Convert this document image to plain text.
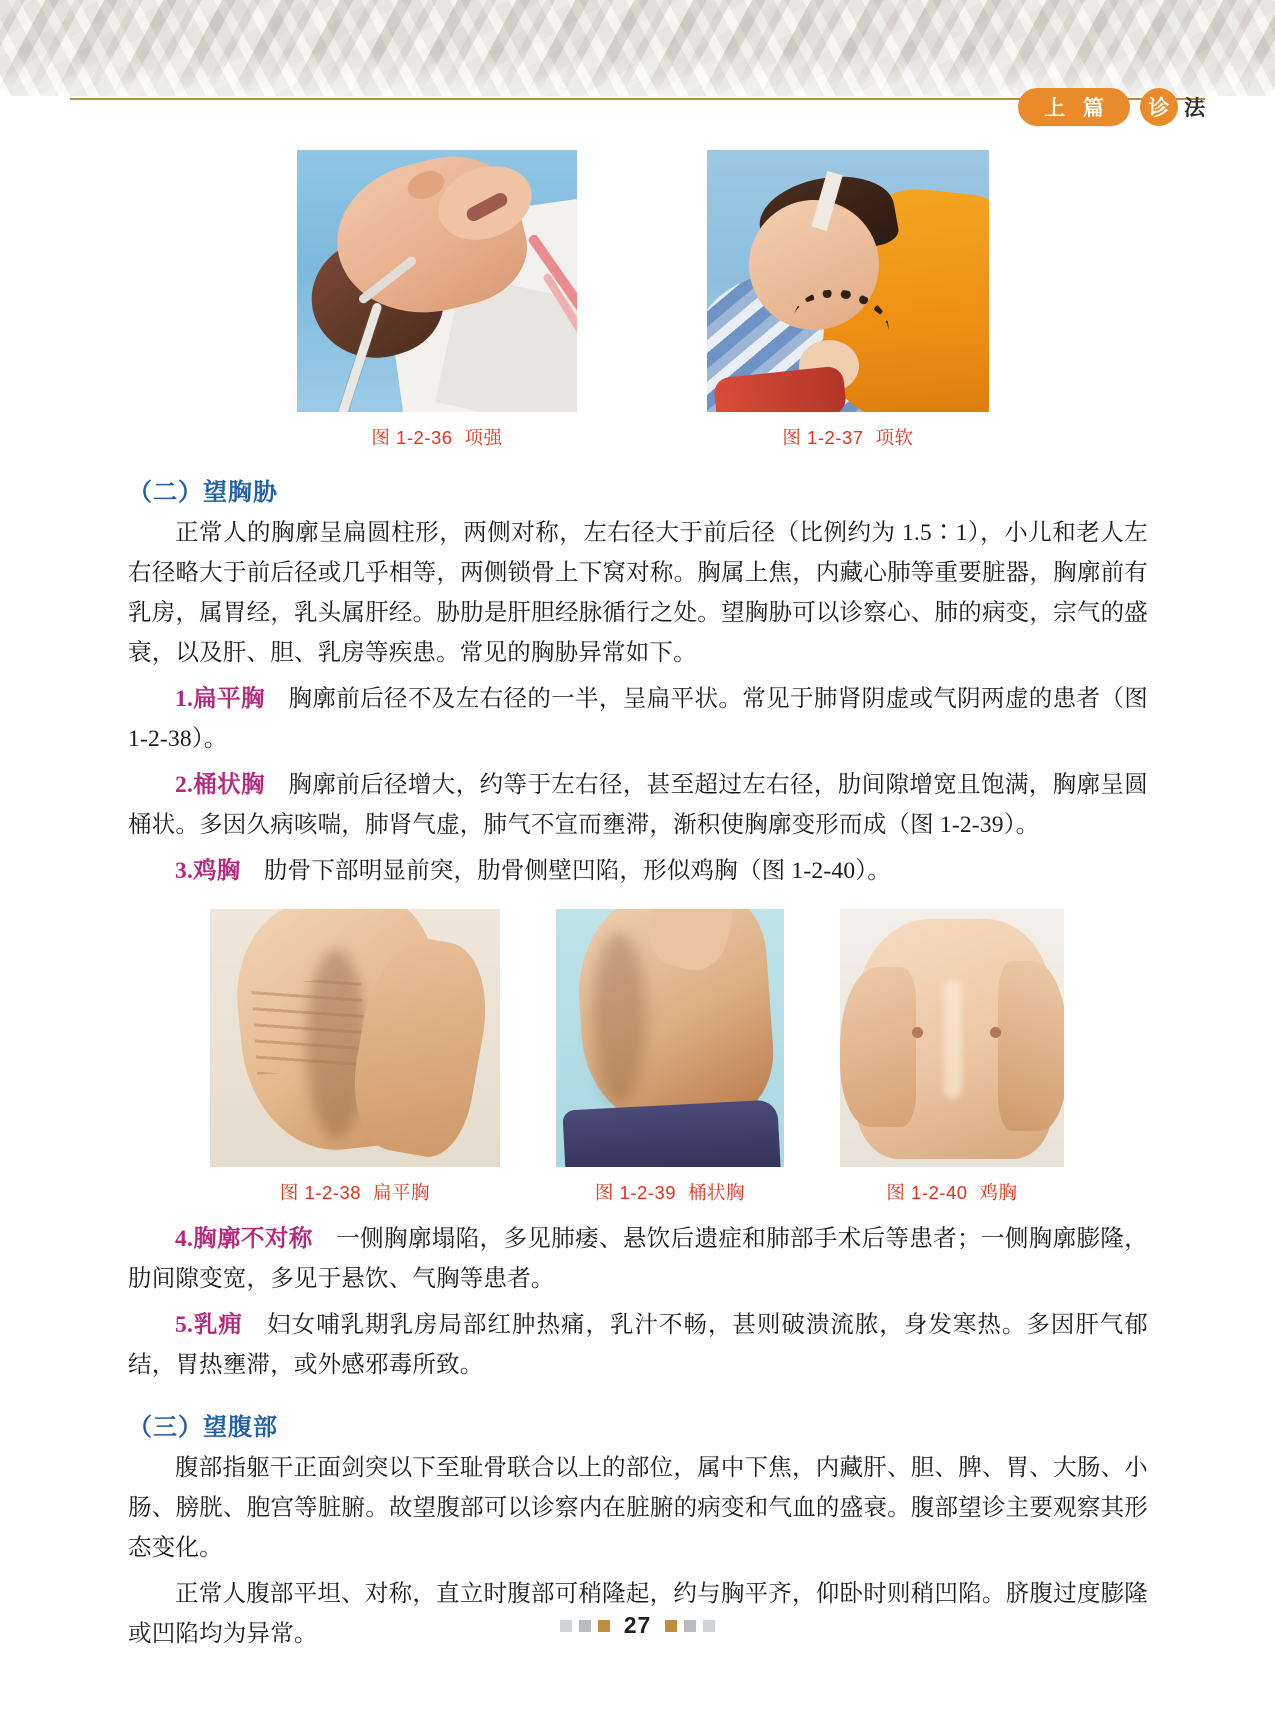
上 篇	诊 法
图 1-2-36 项强	图 1-2-37 项软
（二）望胸胁

正常人的胸廓呈扁圆柱形，两侧对称，左右径大于前后径（比例约为 1.5∶1），小儿和老人左右径略大于前后径或几乎相等，两侧锁骨上下窝对称。胸属上焦，内藏心肺等重要脏器，胸廓前有乳房，属胃经，乳头属肝经。胁肋是肝胆经脉循行之处。望胸胁可以诊察心、肺的病变，宗气的盛衰，以及肝、胆、乳房等疾患。常见的胸胁异常如下。

1.扁平胸 胸廓前后径不及左右径的一半，呈扁平状。常见于肺肾阴虚或气阴两虚的患者（图 1-2-38）。

2.桶状胸 胸廓前后径增大，约等于左右径，甚至超过左右径，肋间隙增宽且饱满，胸廓呈圆桶状。多因久病咳喘，肺肾气虚，肺气不宣而壅滞，渐积使胸廓变形而成（图 1-2-39）。

3.鸡胸 肋骨下部明显前突，肋骨侧壁凹陷，形似鸡胸（图 1-2-40）。

图 1-2-38 扁平胸	图 1-2-39 桶状胸	图 1-2-40 鸡胸

4.胸廓不对称 一侧胸廓塌陷，多见肺痿、悬饮后遗症和肺部手术后等患者；一侧胸廓膨隆，肋间隙变宽，多见于悬饮、气胸等患者。

5.乳痈 妇女哺乳期乳房局部红肿热痛，乳汁不畅，甚则破溃流脓，身发寒热。多因肝气郁结，胃热壅滞，或外感邪毒所致。

（三）望腹部

腹部指躯干正面剑突以下至耻骨联合以上的部位，属中下焦，内藏肝、胆、脾、胃、大肠、小肠、膀胱、胞宫等脏腑。故望腹部可以诊察内在脏腑的病变和气血的盛衰。腹部望诊主要观察其形态变化。

正常人腹部平坦、对称，直立时腹部可稍隆起，约与胸平齐，仰卧时则稍凹陷。脐腹过度膨隆或凹陷均为异常。	27
